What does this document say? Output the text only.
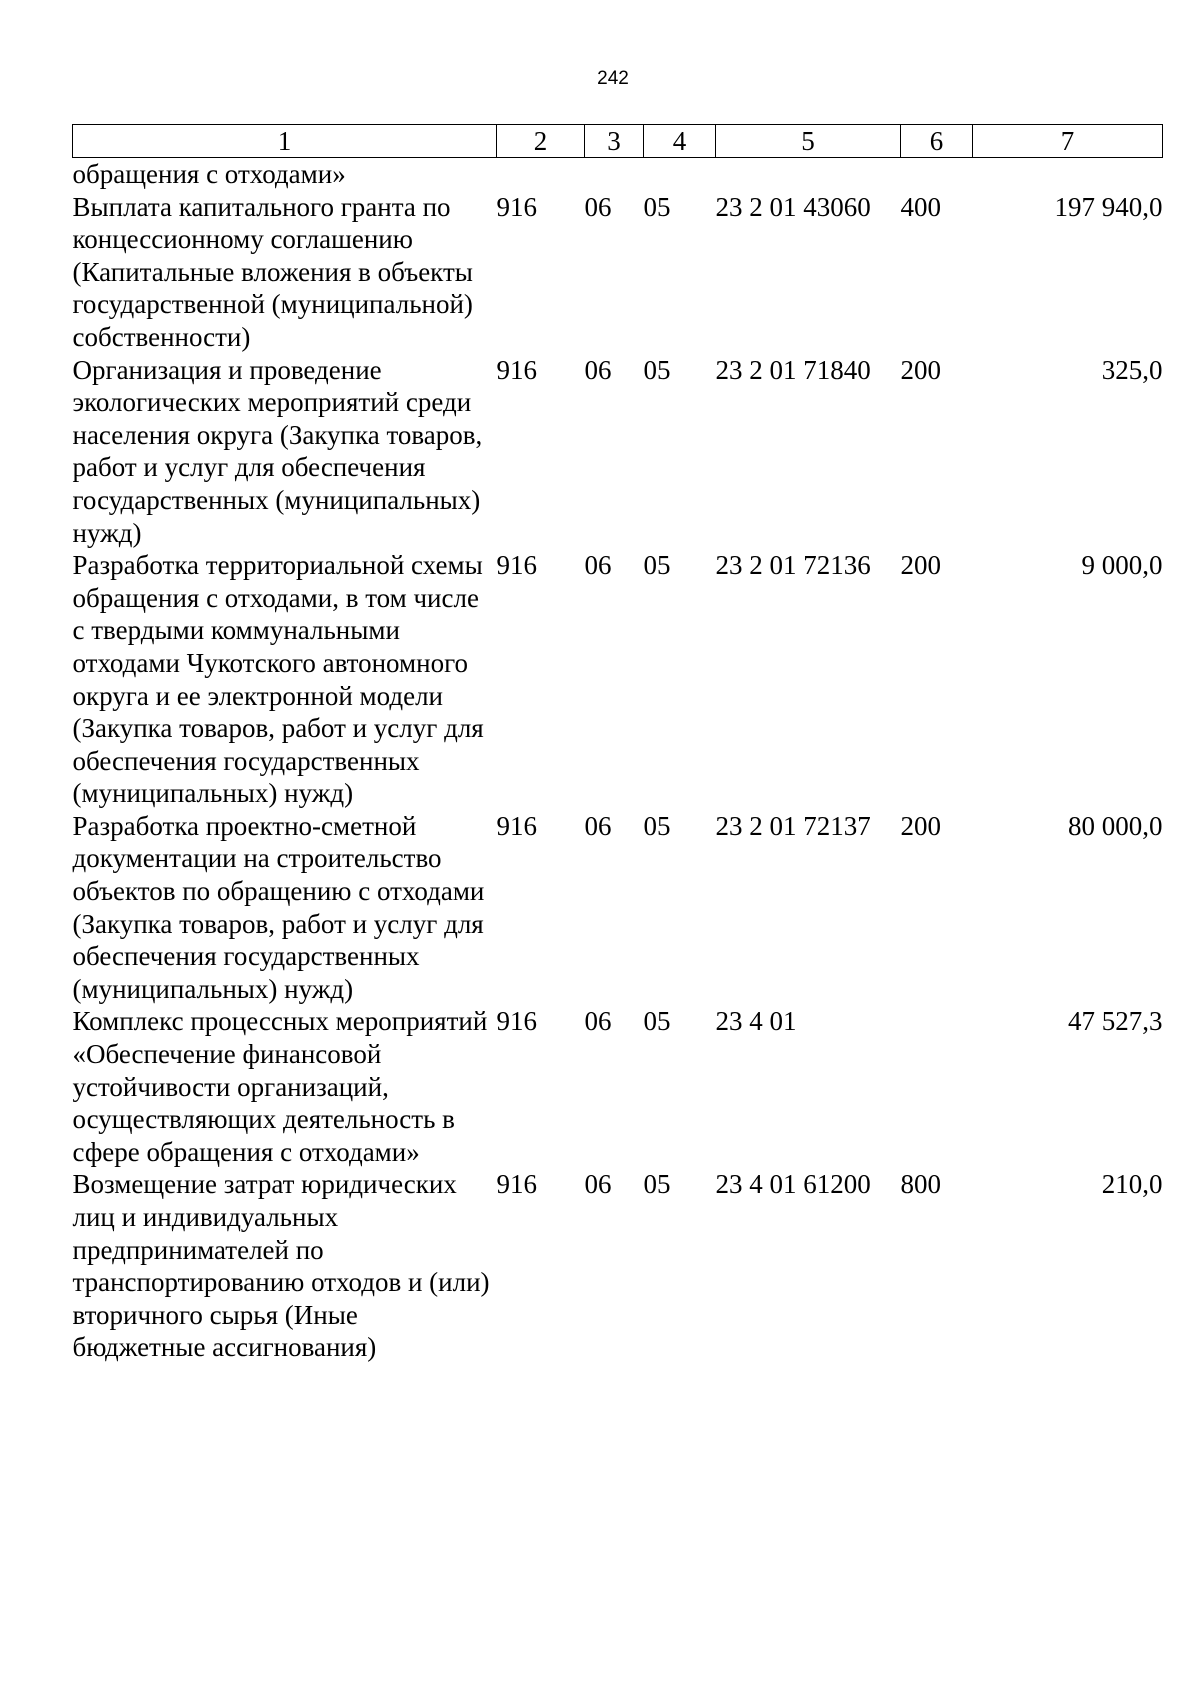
242
1	2	3	4	5	6	7
обращения с отходами»						
Выплата капитального гранта по концессионному соглашению (Капитальные вложения в объекты государственной (муниципальной) собственности)	916	06	05	23 2 01 43060	400	197 940,0
Организация и проведение экологических мероприятий среди населения округа (Закупка товаров, работ и услуг для обеспечения государственных (муниципальных) нужд)	916	06	05	23 2 01 71840	200	325,0
Разработка территориальной схемы обращения с отходами, в том числе с твердыми коммунальными отходами Чукотского автономного округа и ее электронной модели (Закупка товаров, работ и услуг для обеспечения государственных (муниципальных) нужд)	916	06	05	23 2 01 72136	200	9 000,0
Разработка проектно-сметной документации на строительство объектов по обращению с отходами (Закупка товаров, работ и услуг для обеспечения государственных (муниципальных) нужд)	916	06	05	23 2 01 72137	200	80 000,0
Комплекс процессных мероприятий «Обеспечение финансовой устойчивости организаций, осуществляющих деятельность в сфере обращения с отходами»	916	06	05	23 4 01		47 527,3
Возмещение затрат юридических лиц и индивидуальных предпринимателей по транспортированию отходов и (или) вторичного сырья (Иные бюджетные ассигнования)	916	06	05	23 4 01 61200	800	210,0
